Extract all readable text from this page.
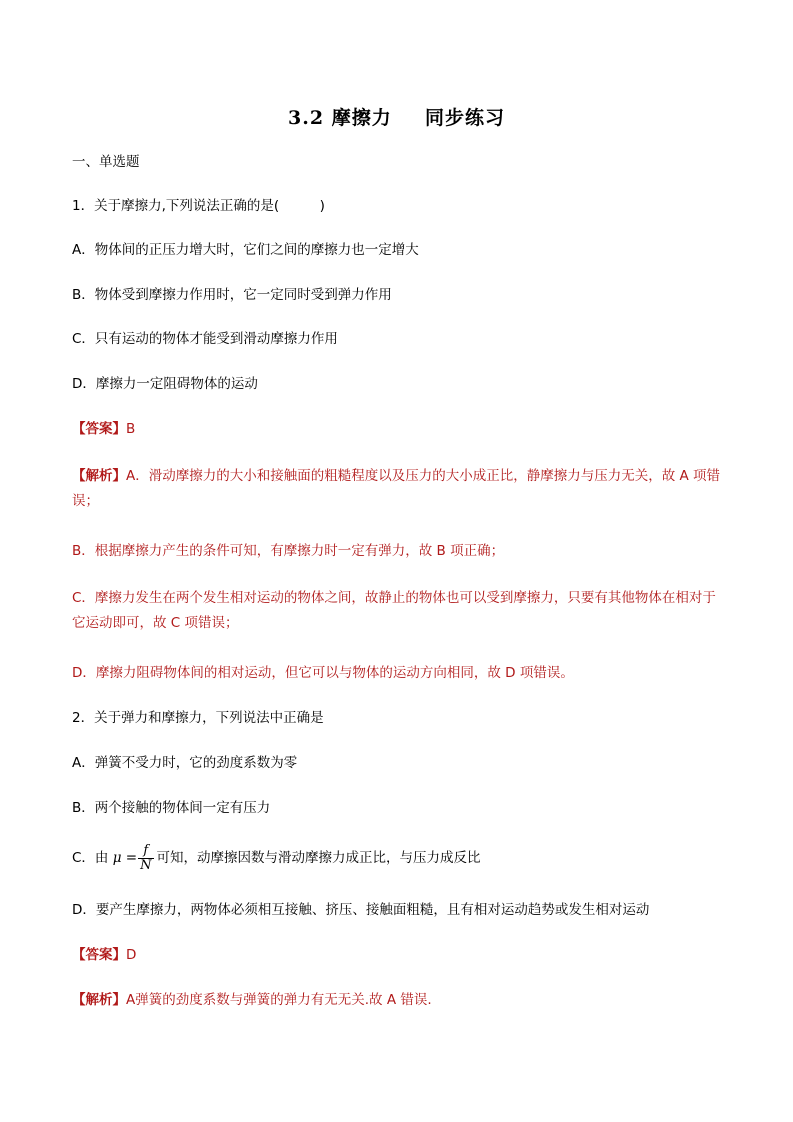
3.2 摩擦力 同步练习
一、单选题
1．关于摩擦力,下列说法正确的是(　　　)
A．物体间的正压力增大时，它们之间的摩擦力也一定增大
B．物体受到摩擦力作用时，它一定同时受到弹力作用
C．只有运动的物体才能受到滑动摩擦力作用
D．摩擦力一定阻碍物体的运动
【答案】B
【解析】A．滑动摩擦力的大小和接触面的粗糙程度以及压力的大小成正比，静摩擦力与压力无关，故 A 项错误；
B．根据摩擦力产生的条件可知，有摩擦力时一定有弹力，故 B 项正确；
C．摩擦力发生在两个发生相对运动的物体之间，故静止的物体也可以受到摩擦力，只要有其他物体在相对于它运动即可，故 C 项错误；
D．摩擦力阻碍物体间的相对运动，但它可以与物体的运动方向相同，故 D 项错误。
2．关于弹力和摩擦力，下列说法中正确是
A．弹簧不受力时，它的劲度系数为零
B．两个接触的物体间一定有压力
C．由 $\mu = \frac{f}{N}$ 可知，动摩擦因数与滑动摩擦力成正比，与压力成反比
D．要产生摩擦力，两物体必须相互接触、挤压、接触面粗糙，且有相对运动趋势或发生相对运动
【答案】D
【解析】A弹簧的劲度系数与弹簧的弹力有无无关.故 A 错误.
